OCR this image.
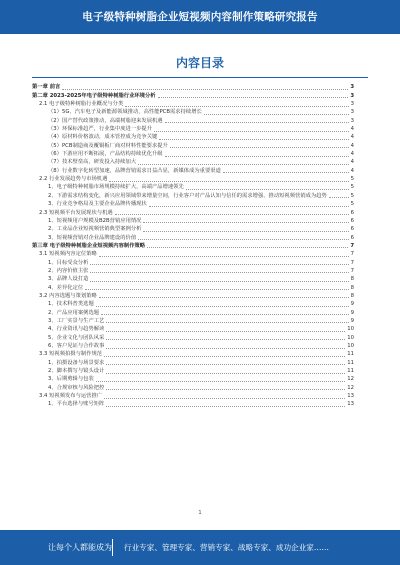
电子级特种树脂企业短视频内容制作策略研究报告
内容目录
第一章 前言	3
第二章 2023-2025年电子级特种树脂行业环境分析	3
2.1 电子级特种树脂行业概况与分类	3
（1）5G、汽车电子及新能源领域推动，高性能PCB需求持续增长	3
（2）国产替代政策推动，高端树脂迎来发展机遇	3
（3）环保标准趋严，行业集中度进一步提升	4
（4）原材料价格波动，成本管控成为竞争关键	4
（5）PCB制造商及覆铜板厂商对材料性能要求提升	4
（6）下游应用不断拓展，产品结构持续优化升级	4
（7）技术壁垒高，研发投入持续加大	4
（8）行业数字化转型加速，品牌营销需求日益凸显，新媒体成为重要渠道	4
2.2 行业发展趋势与市场机遇	5
1、电子级特种树脂市场规模持续扩大，高端产品增速领先	5
2、下游需求结构变化，新兴应用领域带来增量空间，行业客户对产品认知与信任的需求增强，推动短视频营销成为趋势	5
3、行业竞争格局及主要企业品牌传播现状	5
2.3 短视频平台发展现状与机遇	6
1、短视频用户规模及B2B营销应用情况	6
2、工业品企业短视频营销典型案例分析	6
3、短视频营销对企业品牌建设的价值	6
第三章 电子级特种树脂企业短视频内容制作策略	7
3.1 短视频内容定位策略	7
1、目标受众分析	7
2、内容价值主张	7
3、品牌人设打造	8
4、差异化定位	8
3.2 内容选题与策划策略	8
1、技术科普类选题	9
2、产品应用案例选题	9
3、工厂实景与生产工艺	9
4、行业资讯与趋势解读	10
5、企业文化与团队风采	10
6、客户见证与合作故事	10
3.3 短视频拍摄与制作规范	11
1、拍摄设备与场景要求	11
2、脚本撰写与镜头设计	11
3、后期剪辑与包装	12
4、合规审核与风险把控	12
3.4 短视频发布与运营推广	13
1、平台选择与账号矩阵	13
1
让每个人都能成为 行业专家、管理专家、营销专家、战略专家、成功企业家……
